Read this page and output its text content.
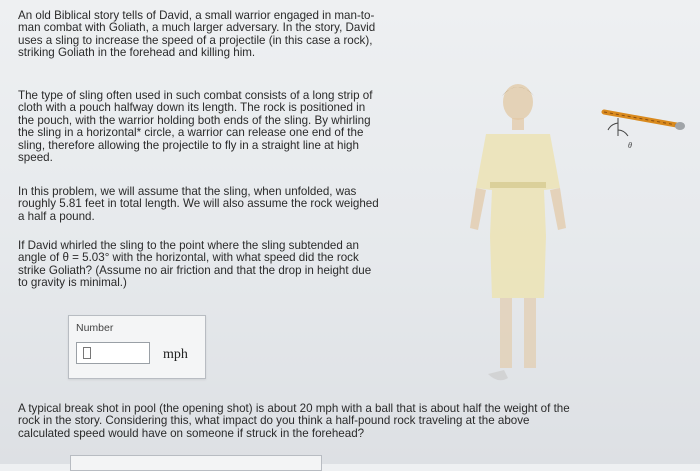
An old Biblical story tells of David, a small warrior engaged in man-to-
man combat with Goliath, a much larger adversary. In the story, David
uses a sling to increase the speed of a projectile (in this case a rock),
striking Goliath in the forehead and killing him.
The type of sling often used in such combat consists of a long strip of
cloth with a pouch halfway down its length. The rock is positioned in
the pouch, with the warrior holding both ends of the sling. By whirling
the sling in a horizontal* circle, a warrior can release one end of the
sling, therefore allowing the projectile to fly in a straight line at high
speed.
In this problem, we will assume that the sling, when unfolded, was
roughly 5.81 feet in total length. We will also assume the rock weighed
a half a pound.
If David whirled the sling to the point where the sling subtended an
angle of θ = 5.03° with the horizontal, with what speed did the rock
strike Goliath? (Assume no air friction and that the drop in height due
to gravity is minimal.)
Number
mph
θ
A typical break shot in pool (the opening shot) is about 20 mph with a ball that is about half the weight of the
rock in the story. Considering this, what impact do you think a half-pound rock traveling at the above
calculated speed would have on someone if struck in the forehead?
